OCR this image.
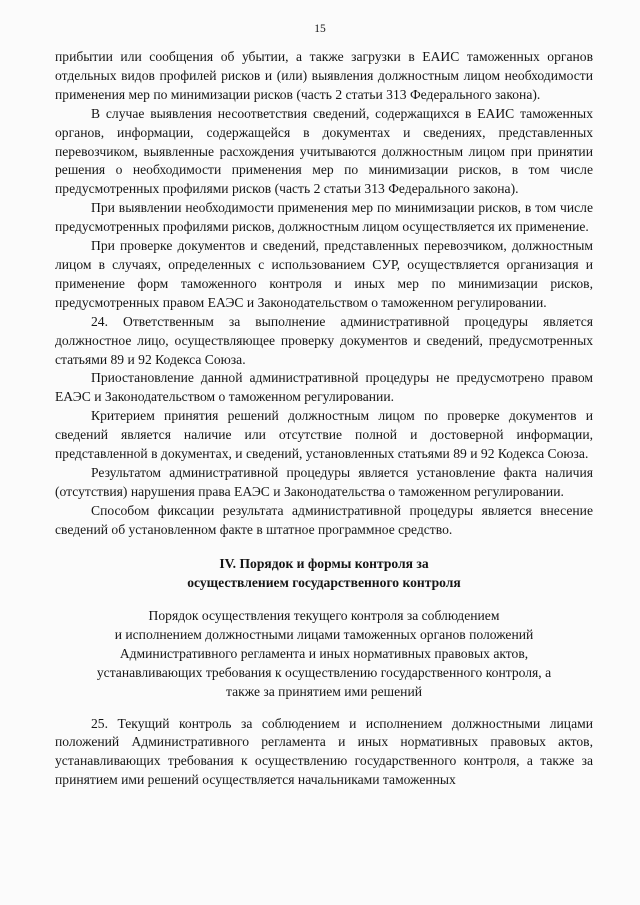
15

прибытии или сообщения об убытии, а также загрузки в ЕАИС таможенных органов отдельных видов профилей рисков и (или) выявления должностным лицом необходимости применения мер по минимизации рисков (часть 2 статьи 313 Федерального закона).

В случае выявления несоответствия сведений, содержащихся в ЕАИС таможенных органов, информации, содержащейся в документах и сведениях, представленных перевозчиком, выявленные расхождения учитываются должностным лицом при принятии решения о необходимости применения мер по минимизации рисков, в том числе предусмотренных профилями рисков (часть 2 статьи 313 Федерального закона).

При выявлении необходимости применения мер по минимизации рисков, в том числе предусмотренных профилями рисков, должностным лицом осуществляется их применение.

При проверке документов и сведений, представленных перевозчиком, должностным лицом в случаях, определенных с использованием СУР, осуществляется организация и применение форм таможенного контроля и иных мер по минимизации рисков, предусмотренных правом ЕАЭС и Законодательством о таможенном регулировании.

24. Ответственным за выполнение административной процедуры является должностное лицо, осуществляющее проверку документов и сведений, предусмотренных статьями 89 и 92 Кодекса Союза.

Приостановление данной административной процедуры не предусмотрено правом ЕАЭС и Законодательством о таможенном регулировании.

Критерием принятия решений должностным лицом по проверке документов и сведений является наличие или отсутствие полной и достоверной информации, представленной в документах, и сведений, установленных статьями 89 и 92 Кодекса Союза.

Результатом административной процедуры является установление факта наличия (отсутствия) нарушения права ЕАЭС и Законодательства о таможенном регулировании.

Способом фиксации результата административной процедуры является внесение сведений об установленном факте в штатное программное средство.

IV. Порядок и формы контроля за
осуществлением государственного контроля
Порядок осуществления текущего контроля за соблюдением
и исполнением должностными лицами таможенных органов положений
Административного регламента и иных нормативных правовых актов,
устанавливающих требования к осуществлению государственного контроля, а
также за принятием ими решений

25. Текущий контроль за соблюдением и исполнением должностными лицами положений Административного регламента и иных нормативных правовых актов, устанавливающих требования к осуществлению государственного контроля, а также за принятием ими решений осуществляется начальниками таможенных
